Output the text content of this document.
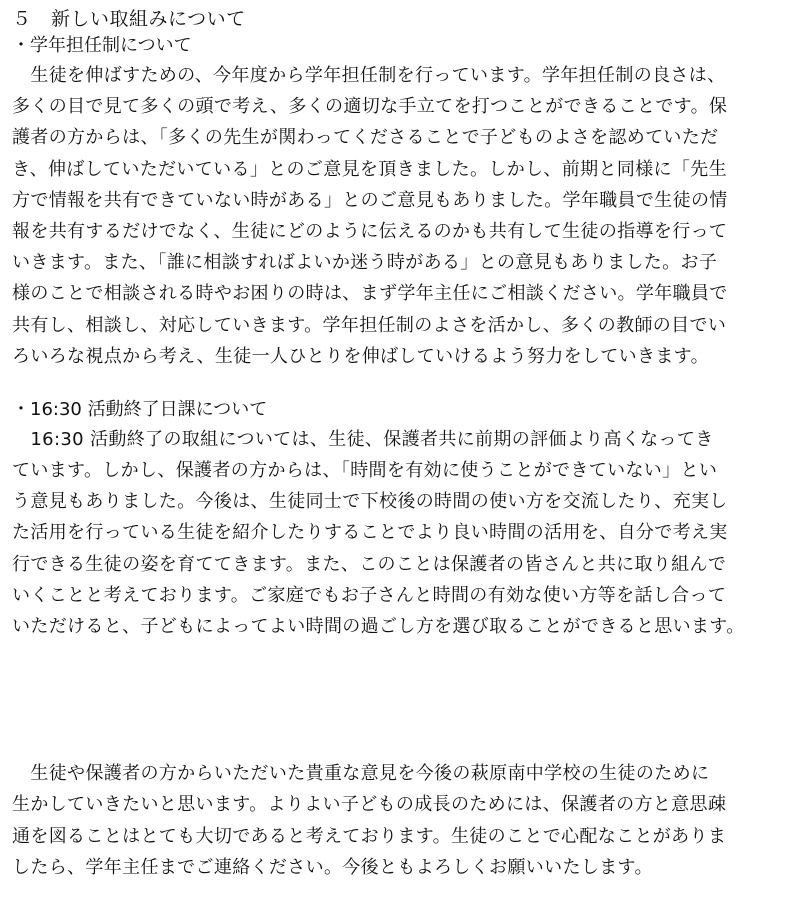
５　新しい取組みについて

・学年担任制について

　生徒を伸ばすための、今年度から学年担任制を行っています。学年担任制の良さは、

多くの目で見て多くの頭で考え、多くの適切な手立てを打つことができることです。保

護者の方からは、「多くの先生が関わってくださることで子どものよさを認めていただ

き、伸ばしていただいている」とのご意見を頂きました。しかし、前期と同様に「先生

方で情報を共有できていない時がある」とのご意見もありました。学年職員で生徒の情

報を共有するだけでなく、生徒にどのように伝えるのかも共有して生徒の指導を行って

いきます。また、「誰に相談すればよいか迷う時がある」との意見もありました。お子

様のことで相談される時やお困りの時は、まず学年主任にご相談ください。学年職員で

共有し、相談し、対応していきます。学年担任制のよさを活かし、多くの教師の目でい

ろいろな視点から考え、生徒一人ひとりを伸ばしていけるよう努力をしていきます。

・16:30 活動終了日課について

　16:30 活動終了の取組については、生徒、保護者共に前期の評価より高くなってき

ています。しかし、保護者の方からは、「時間を有効に使うことができていない」とい

う意見もありました。今後は、生徒同士で下校後の時間の使い方を交流したり、充実し

た活用を行っている生徒を紹介したりすることでより良い時間の活用を、自分で考え実

行できる生徒の姿を育ててきます。また、このことは保護者の皆さんと共に取り組んで

いくことと考えております。ご家庭でもお子さんと時間の有効な使い方等を話し合って

いただけると、子どもによってよい時間の過ごし方を選び取ることができると思います。

　生徒や保護者の方からいただいた貴重な意見を今後の萩原南中学校の生徒のために

生かしていきたいと思います。よりよい子どもの成長のためには、保護者の方と意思疎

通を図ることはとても大切であると考えております。生徒のことで心配なことがありま

したら、学年主任までご連絡ください。今後ともよろしくお願いいたします。
